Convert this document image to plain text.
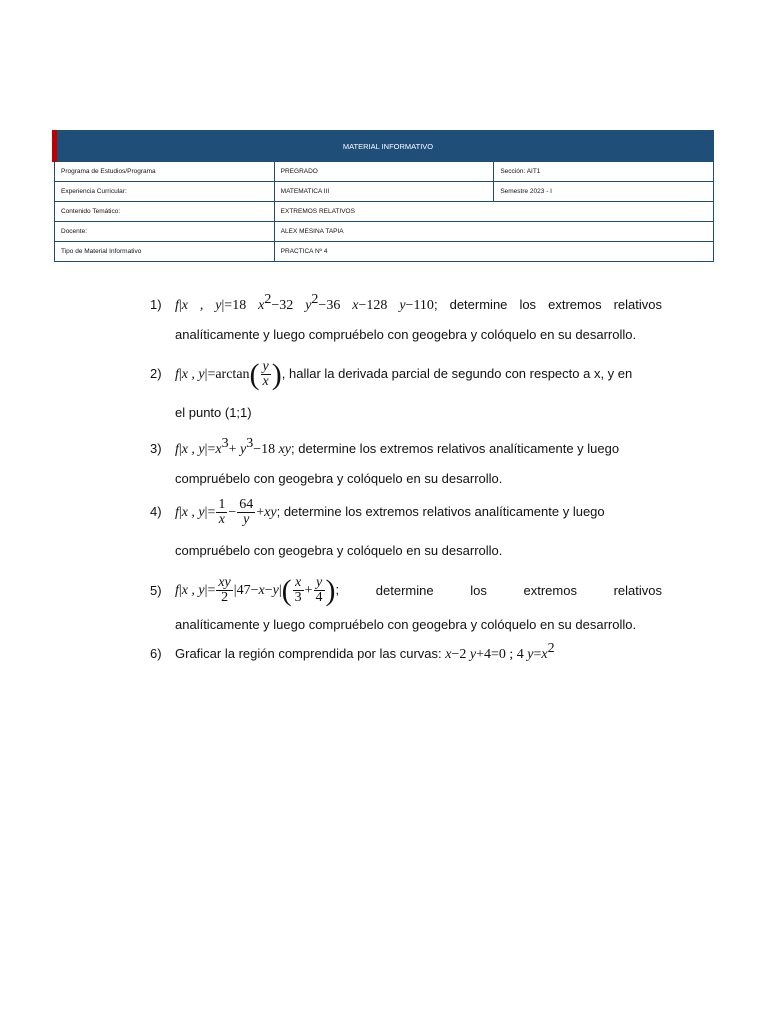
MATERIAL INFORMATIVO		
Programa de Estudios/Programa	PREGRADO	Sección: AIT1
Experiencia Curricular:	MATEMATICA III	Semestre 2023 - I
Contenido Temático:	EXTREMOS RELATIVOS	
Docente:	ALEX MESINA TAPIA	
Tipo de Material Informativo	PRACTICA Nº 4	
1) f|x , y|=18 $x^2-32$ $y^2-36$ x−128 y−110; determine los extremos relativos analíticamente y luego compruébelo con geogebra y colóquelo en su desarrollo.
2) f|x , $y|=\arctan( \frac{y}{x}$ ), hallar la derivada parcial de segundo con respecto a x, y en
el punto (1;1)
3) f|x , $y|=x^3+ y^3-18$ xy; determine los extremos relativos analíticamente y luego
compruébelo con geogebra y colóquelo en su desarrollo.
4) f|x , $y|= \frac{1}{x} - \frac{64}{y} +xy$; determine los extremos relativos analíticamente y luego
compruébelo con geogebra y colóquelo en su desarrollo.
5) f|x , $y|= \frac{xy}{2} |47-x-y|( \frac{x}{3} + \frac{y}{4}$ );	determine	los	extremos	relativos
analíticamente y luego compruébelo con geogebra y colóquelo en su desarrollo.
6) Graficar la región comprendida por las curvas: x−2 y+4=0 ; 4 $y=x^2$
